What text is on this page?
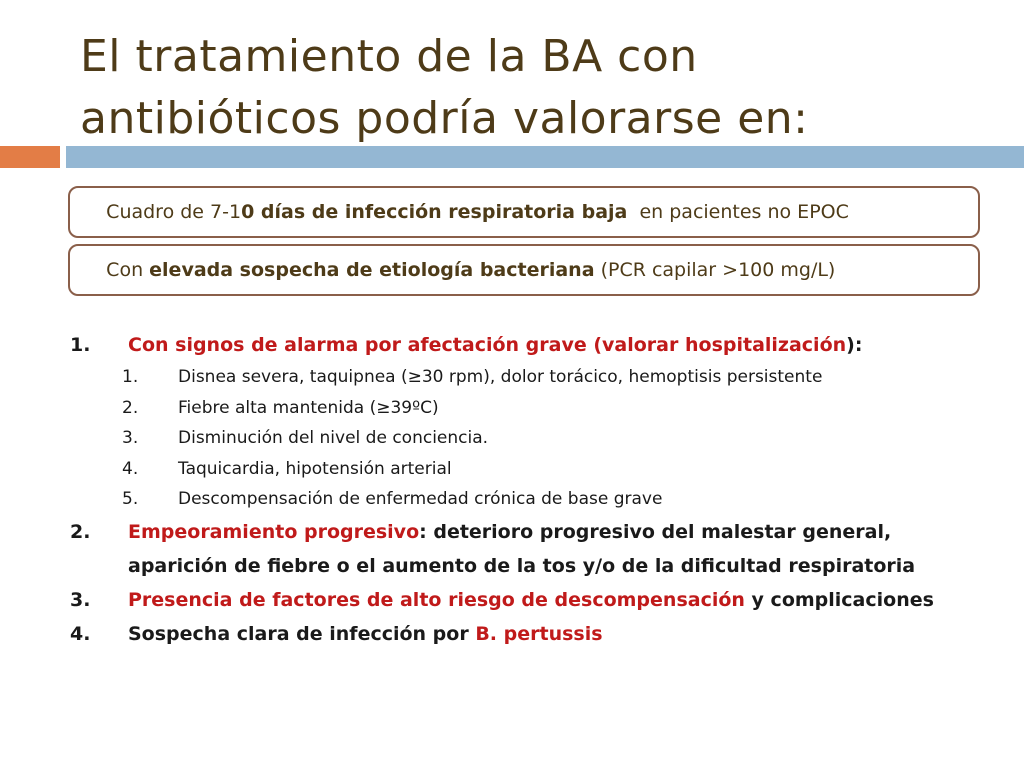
El tratamiento de la BA con
antibióticos podría valorarse en:

Cuadro de 7-10 días de infección respiratoria baja  en pacientes no EPOC

Con elevada sospecha de etiología bacteriana (PCR capilar >100 mg/L)

1. Con signos de alarma por afectación grave (valorar hospitalización):
1. Disnea severa, taquipnea (≥30 rpm), dolor torácico, hemoptisis persistente
2. Fiebre alta mantenida (≥39ºC)
3. Disminución del nivel de conciencia.
4. Taquicardia, hipotensión arterial
5. Descompensación de enfermedad crónica de base grave
2. Empeoramiento progresivo: deterioro progresivo del malestar general, aparición de fiebre o el aumento de la tos y/o de la dificultad respiratoria
3. Presencia de factores de alto riesgo de descompensación y complicaciones
4. Sospecha clara de infección por B. pertussis
